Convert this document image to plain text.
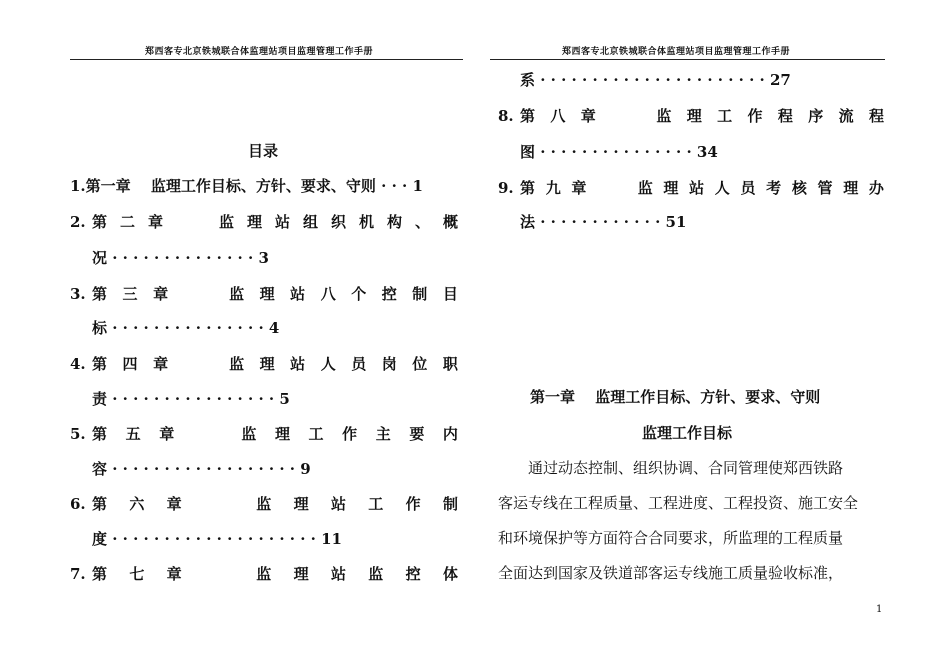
郑西客专北京铁城联合体监理站项目监理管理工作手册	郑西客专北京铁城联合体监理站项目监理管理工作手册
目录
1.第一章　 监理工作目标、方针、要求、守则 · · · 1
2. 第 二 章	监 理 站 组 织 机 构 、 概
况 · · · · · · · · · · · · · · 3
3. 第 三 章	监 理 站 八 个 控 制 目
标 · · · · · · · · · · · · · · · 4
4. 第 四 章	监 理 站 人 员 岗 位 职
责 · · · · · · · · · · · · · · · · 5
5. 第 五 章	监 理 工 作 主 要 内
容 · · · · · · · · · · · · · · · · · · 9
6. 第 六 章	监 理 站 工 作 制
度 · · · · · · · · · · · · · · · · · · · · 11
7. 第 七 章	监 理 站 监 控 体
系 · · · · · · · · · · · · · · · · · · · · · · 27
8. 第 八 章	监 理 工 作 程 序 流 程
图 · · · · · · · · · · · · · · · 34
9. 第 九 章	监 理 站 人 员 考 核 管 理 办
法 · · · · · · · · · · · · 51
第一章　 监理工作目标、方针、要求、守则
监理工作目标
　　通过动态控制、组织协调、合同管理使郑西铁路
客运专线在工程质量、工程进度、工程投资、施工安全
和环境保护等方面符合合同要求，所监理的工程质量
全面达到国家及铁道部客运专线施工质量验收标准，
1
